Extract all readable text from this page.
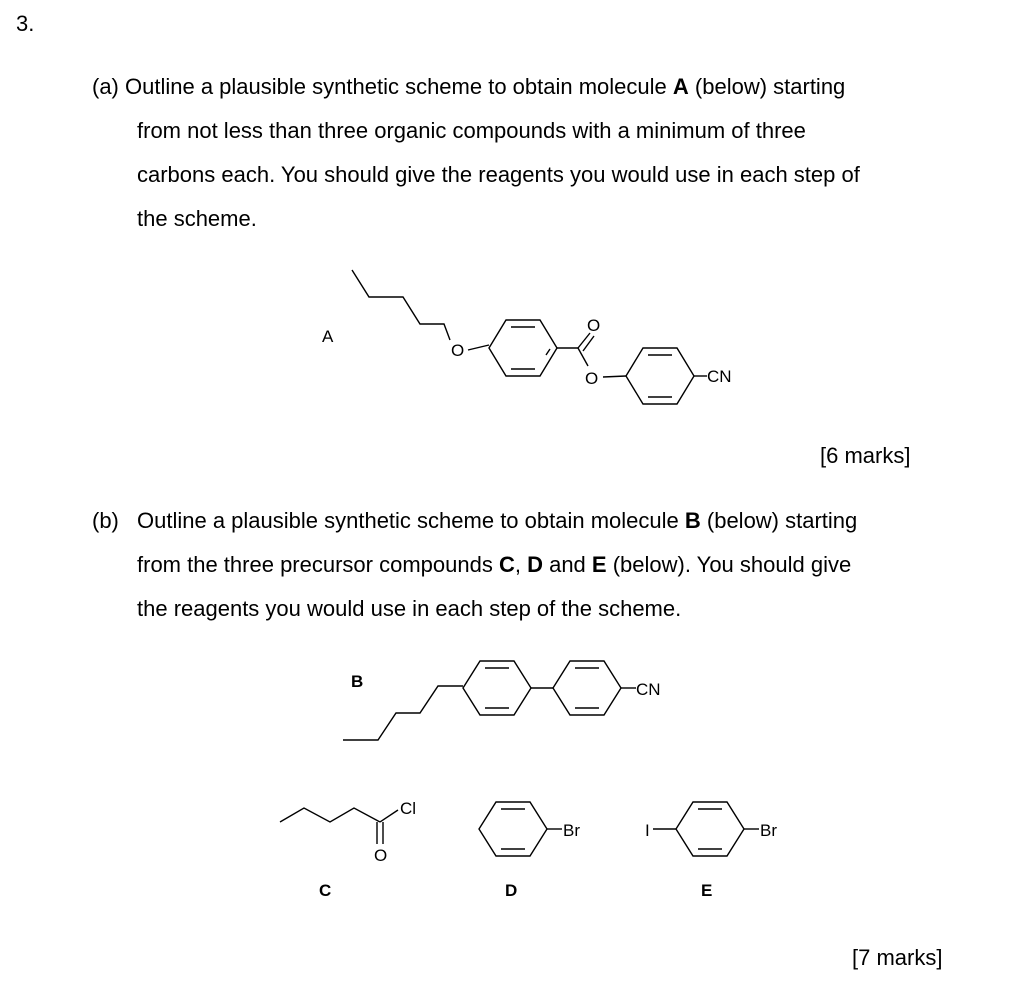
3.
(a) Outline a plausible synthetic scheme to obtain molecule A (below) starting
from not less than three organic compounds with a minimum of three
carbons each. You should give the reagents you would use in each step of
the scheme.
[6 marks]
(b) Outline a plausible synthetic scheme to obtain molecule B (below) starting
from the three precursor compounds C, D and E (below). You should give
the reagents you would use in each step of the scheme.
[7 marks]
A
O
O
O	CN
B	CN
Cl
O
C
Br
D
I	Br
E
